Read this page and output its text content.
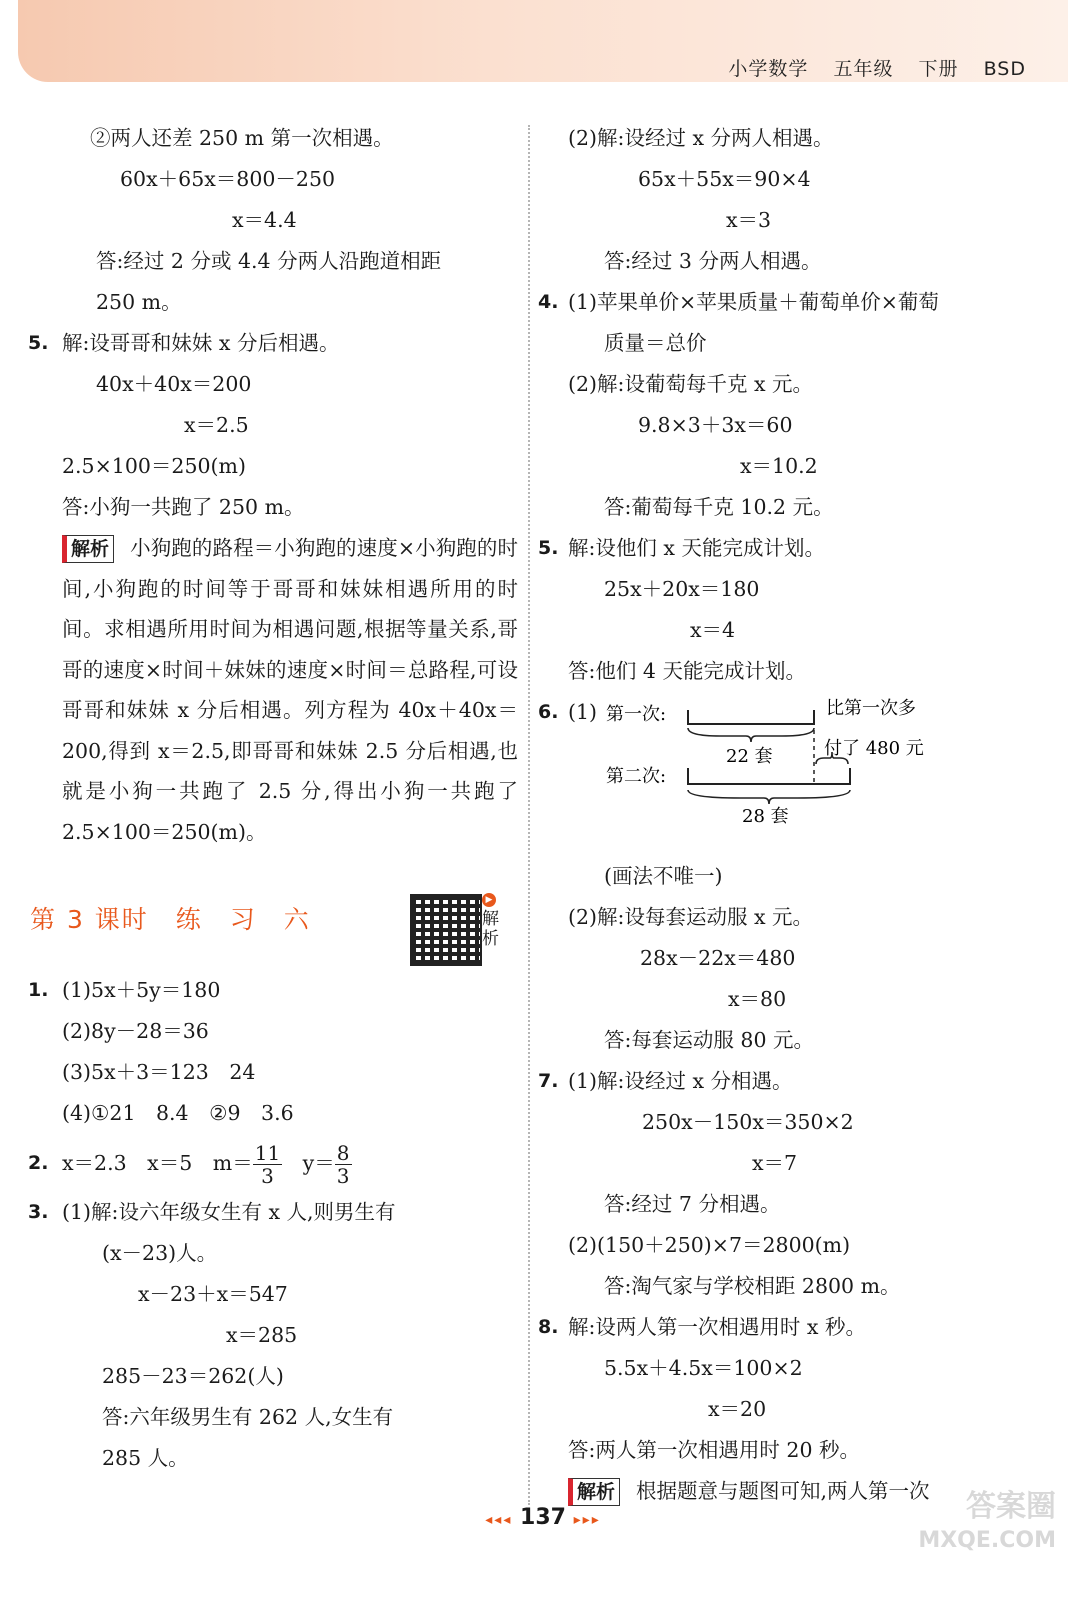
小学数学 五年级 下册 BSD
②两人还差 250 m 第一次相遇。
60x＋65x＝800－250
x＝4.4
答:经过 2 分或 4.4 分两人沿跑道相距
250 m。
5. 解:设哥哥和妹妹 x 分后相遇。
40x＋40x＝200
x＝2.5
2.5×100＝250(m)
答:小狗一共跑了 250 m。
解析 小狗跑的路程＝小狗跑的速度×小狗跑的时间,小狗跑的时间等于哥哥和妹妹相遇所用的时间。求相遇所用时间为相遇问题,根据等量关系,哥哥的速度×时间＋妹妹的速度×时间＝总路程,可设哥哥和妹妹 x 分后相遇。列方程为 40x＋40x＝200,得到 x＝2.5,即哥哥和妹妹 2.5 分后相遇,也就是小狗一共跑了 2.5 分,得出小狗一共跑了 2.5×100＝250(m)。
第 3 课时　练　习　六
▶
解析
1. (1)5x＋5y＝180
(2)8y－28＝36
(3)5x＋3＝123　24
(4)①21　8.4　②9　3.6
2. x＝2.3　x＝5　$m= \frac{11}{3}$ 　$y= \frac{8}{3}$
3. (1)解:设六年级女生有 x 人,则男生有
(x－23)人。
x－23＋x＝547
x＝285
285－23＝262(人)
答:六年级男生有 262 人,女生有
285 人。
(2)解:设经过 x 分两人相遇。
65x＋55x＝90×4
x＝3
答:经过 3 分两人相遇。
4. (1)苹果单价×苹果质量＋葡萄单价×葡萄
质量＝总价
(2)解:设葡萄每千克 x 元。
9.8×3＋3x＝60
x＝10.2
答:葡萄每千克 10.2 元。
5. 解:设他们 x 天能完成计划。
25x＋20x＝180
x＝4
答:他们 4 天能完成计划。
6. (1)
(画法不唯一)
(2)解:设每套运动服 x 元。
28x－22x＝480
x＝80
答:每套运动服 80 元。
7. (1)解:设经过 x 分相遇。
250x－150x＝350×2
x＝7
答:经过 7 分相遇。
(2)(150＋250)×7＝2800(m)
答:淘气家与学校相距 2800 m。
8. 解:设两人第一次相遇用时 x 秒。
5.5x＋4.5x＝100×2
x＝20
答:两人第一次相遇用时 20 秒。
解析 根据题意与题图可知,两人第一次
第一次:
22 套
第二次:
28 套
比第一次多
付了 480 元
◂◂◂ 137 ▸▸▸	答案圈
MXQE.COM
